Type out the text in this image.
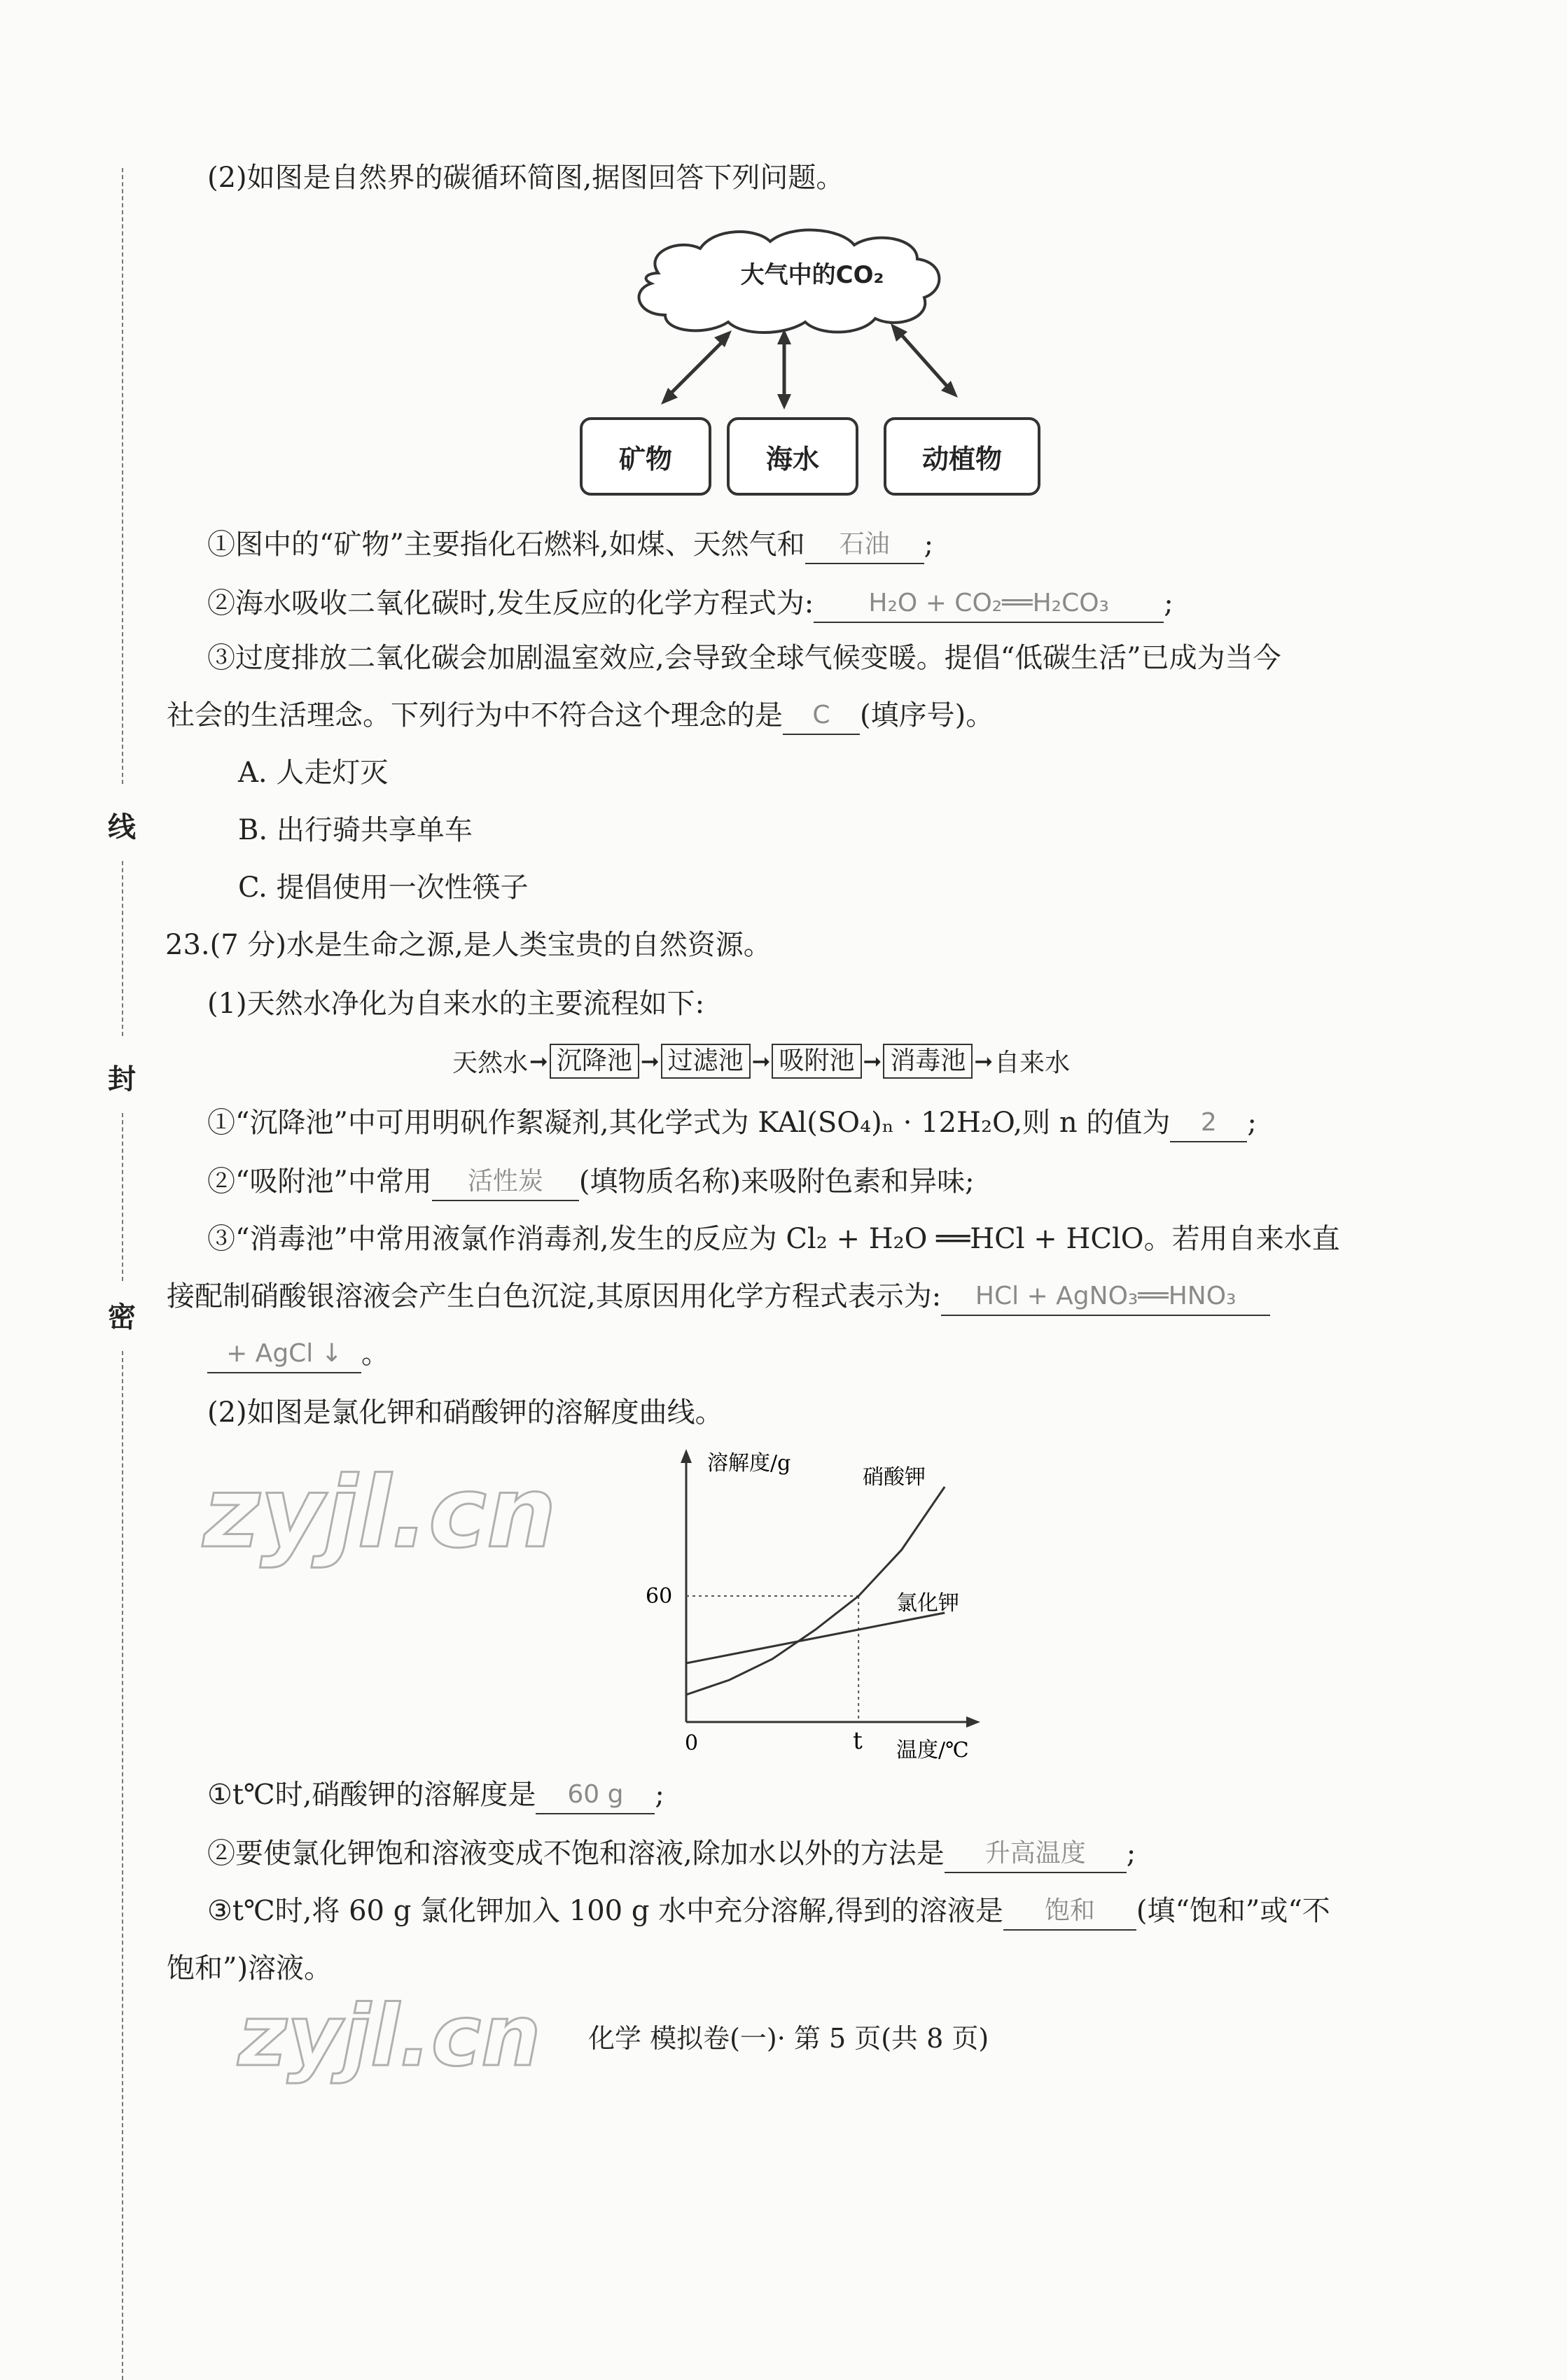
线
封
密
(2)如图是自然界的碳循环简图,据图回答下列问题。
大气中的CO₂
矿物	海水	动植物
①图中的“矿物”主要指化石燃料,如煤、天然气和 石油 ;
②海水吸收二氧化碳时,发生反应的化学方程式为: H₂O + CO₂══H₂CO₃ ;
③过度排放二氧化碳会加剧温室效应,会导致全球气候变暖。提倡“低碳生活”已成为当今
社会的生活理念。下列行为中不符合这个理念的是 C (填序号)。
A. 人走灯灭
B. 出行骑共享单车
C. 提倡使用一次性筷子
23.(7 分)水是生命之源,是人类宝贵的自然资源。
(1)天然水净化为自来水的主要流程如下:
天然水 ➞ 沉降池 ➞ 过滤池 ➞ 吸附池 ➞ 消毒池 ➞ 自来水
①“沉降池”中可用明矾作絮凝剂,其化学式为 KAl(SO₄)ₙ · 12H₂O,则 n 的值为 2 ;
②“吸附池”中常用 活性炭 (填物质名称)来吸附色素和异味;
③“消毒池”中常用液氯作消毒剂,发生的反应为 Cl₂ + H₂O ══HCl + HClO。若用自来水直
接配制硝酸银溶液会产生白色沉淀,其原因用化学方程式表示为: HCl + AgNO₃══HNO₃
+ AgCl ↓ 。
(2)如图是氯化钾和硝酸钾的溶解度曲线。
zyjl.cn
zyjl.cn
溶解度/g
温度/℃
0	t
60
硝酸钾
氯化钾
①t℃时,硝酸钾的溶解度是 60 g ;
②要使氯化钾饱和溶液变成不饱和溶液,除加水以外的方法是 升高温度 ;
③t℃时,将 60 g 氯化钾加入 100 g 水中充分溶解,得到的溶液是 饱和 (填“饱和”或“不
饱和”)溶液。
化学 模拟卷(一)· 第 5 页(共 8 页)
